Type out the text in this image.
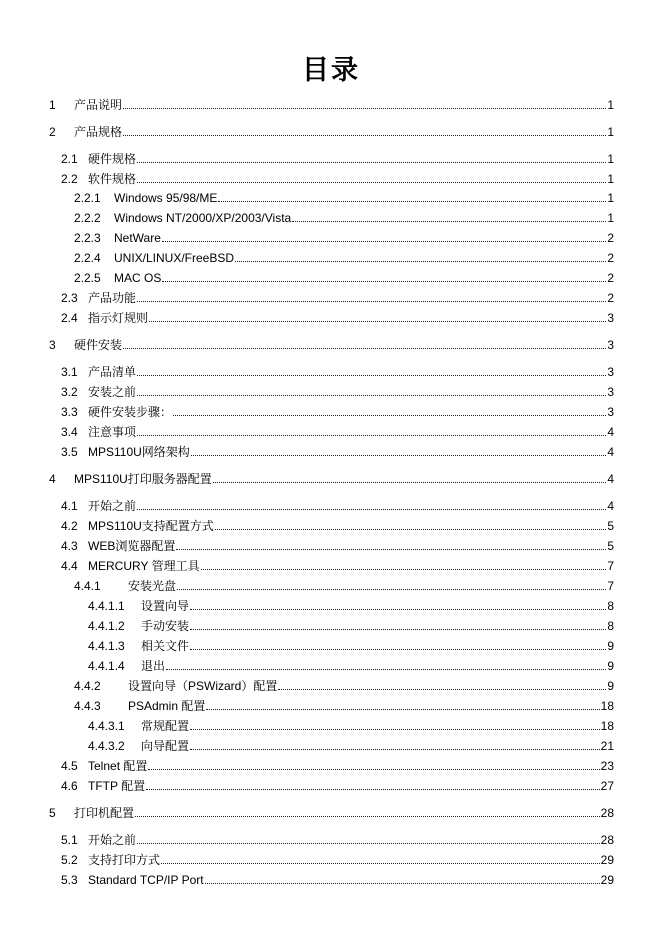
目录
1	产品说明	1
2	产品规格	1
2.1 硬件规格	1
2.2 软件规格	1
2.2.1	Windows 95/98/ME	1
2.2.2	Windows NT/2000/XP/2003/Vista	1
2.2.3	NetWare	2
2.2.4	UNIX/LINUX/FreeBSD	2
2.2.5	MAC OS	2
2.3 产品功能	2
2.4 指示灯规则	3
3	硬件安装	3
3.1 产品清单	3
3.2 安装之前	3
3.3 硬件安装步骤：	3
3.4 注意事项	4
3.5 MPS110U网络架构	4
4	MPS110U打印服务器配置	4
4.1 开始之前	4
4.2 MPS110U支持配置方式	5
4.3 WEB浏览器配置	5
4.4 MERCURY 管理工具	7
4.4.1	安装光盘	7
4.4.1.1	设置向导	8
4.4.1.2	手动安装	8
4.4.1.3	相关文件	9
4.4.1.4	退出	9
4.4.2	设置向导（PSWizard）配置	9
4.4.3	PSAdmin 配置	18
4.4.3.1	常规配置	18
4.4.3.2	向导配置	21
4.5 Telnet 配置	23
4.6 TFTP 配置	27
5	打印机配置	28
5.1 开始之前	28
5.2 支持打印方式	29
5.3 Standard TCP/IP Port	29
